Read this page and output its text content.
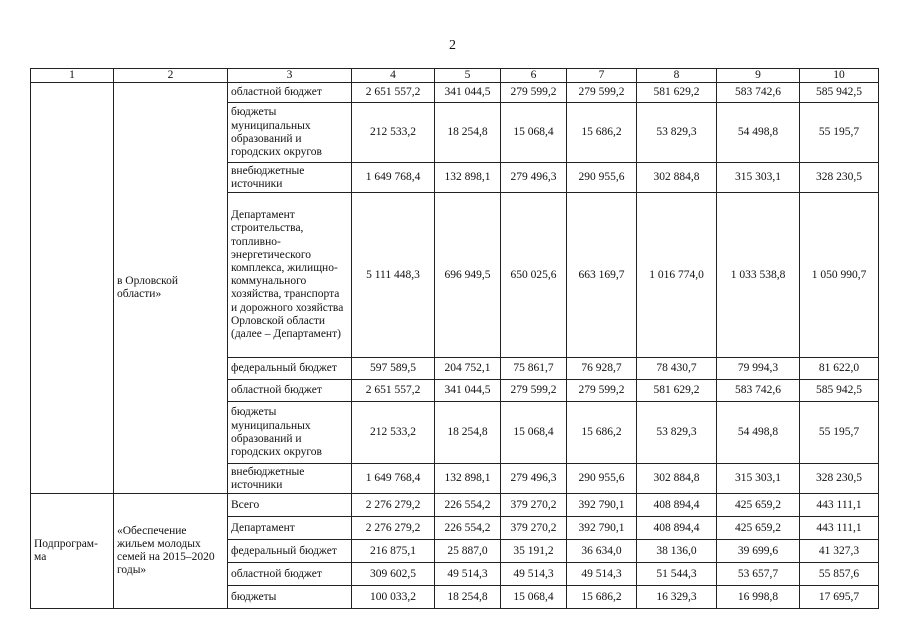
2
1	2	3	4	5	6	7	8	9	10
	в Орловской области»	областной бюджет	2 651 557,2	341 044,5	279 599,2	279 599,2	581 629,2	583 742,6	585 942,5
		бюджеты муниципальных образований и городских округов	212 533,2	18 254,8	15 068,4	15 686,2	53 829,3	54 498,8	55 195,7
		внебюджетные источники	1 649 768,4	132 898,1	279 496,3	290 955,6	302 884,8	315 303,1	328 230,5
		Департамент строительства, топливно-энергетического комплекса, жилищно-коммунального хозяйства, транспорта и дорожного хозяйства Орловской области (далее – Департамент)	5 111 448,3	696 949,5	650 025,6	663 169,7	1 016 774,0	1 033 538,8	1 050 990,7
		федеральный бюджет	597 589,5	204 752,1	75 861,7	76 928,7	78 430,7	79 994,3	81 622,0
		областной бюджет	2 651 557,2	341 044,5	279 599,2	279 599,2	581 629,2	583 742,6	585 942,5
		бюджеты муниципальных образований и городских округов	212 533,2	18 254,8	15 068,4	15 686,2	53 829,3	54 498,8	55 195,7
		внебюджетные источники	1 649 768,4	132 898,1	279 496,3	290 955,6	302 884,8	315 303,1	328 230,5
Подпрограм-ма	«Обеспечение жильем молодых семей на 2015–2020 годы»	Всего	2 276 279,2	226 554,2	379 270,2	392 790,1	408 894,4	425 659,2	443 111,1
		Департамент	2 276 279,2	226 554,2	379 270,2	392 790,1	408 894,4	425 659,2	443 111,1
		федеральный бюджет	216 875,1	25 887,0	35 191,2	36 634,0	38 136,0	39 699,6	41 327,3
		областной бюджет	309 602,5	49 514,3	49 514,3	49 514,3	51 544,3	53 657,7	55 857,6
		бюджеты	100 033,2	18 254,8	15 068,4	15 686,2	16 329,3	16 998,8	17 695,7
